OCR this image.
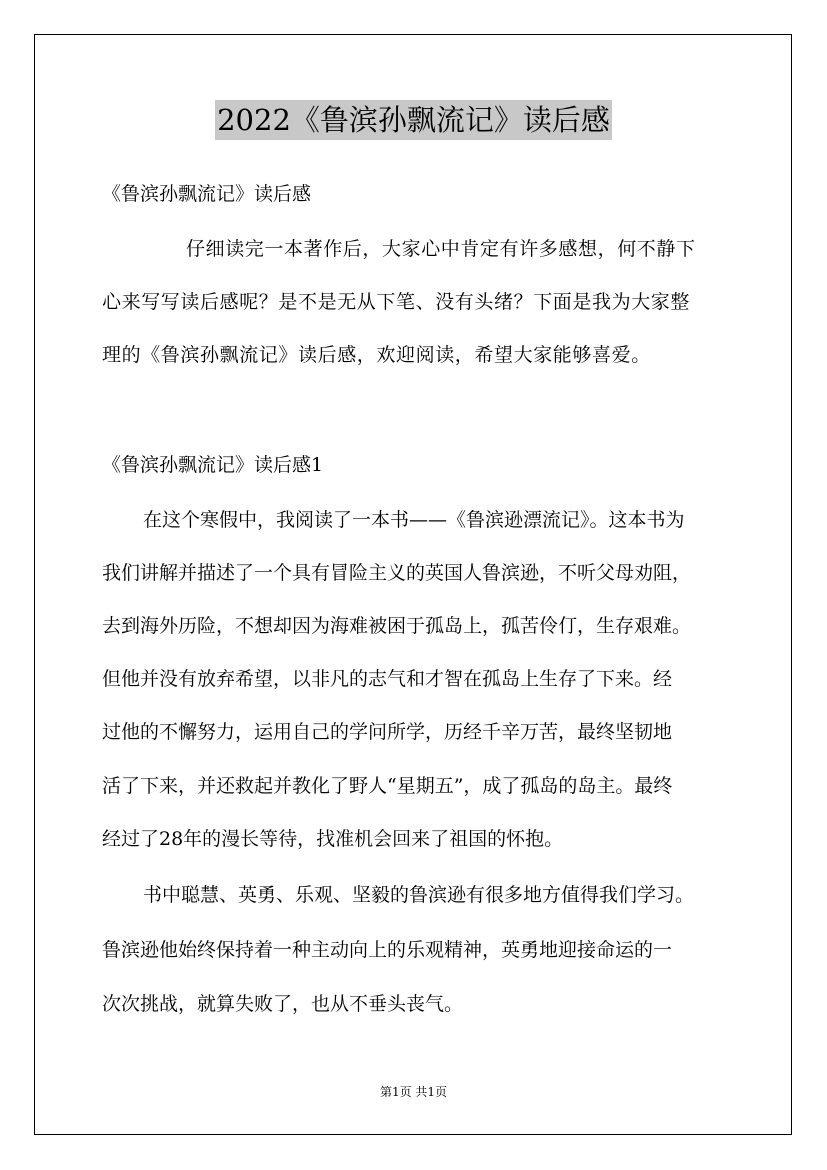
2022《鲁滨孙飘流记》读后感
《鲁滨孙飘流记》读后感
仔细读完一本著作后，大家心中肯定有许多感想，何不静下
心来写写读后感呢？是不是无从下笔、没有头绪？下面是我为大家整
理的《鲁滨孙飘流记》读后感，欢迎阅读，希望大家能够喜爱。
《鲁滨孙飘流记》读后感1
在这个寒假中，我阅读了一本书——《鲁滨逊漂流记》。这本书为
我们讲解并描述了一个具有冒险主义的英国人鲁滨逊，不听父母劝阻，
去到海外历险，不想却因为海难被困于孤岛上，孤苦伶仃，生存艰难。
但他并没有放弃希望，以非凡的志气和才智在孤岛上生存了下来。经
过他的不懈努力，运用自己的学问所学，历经千辛万苦，最终坚韧地
活了下来，并还救起并教化了野人“星期五”，成了孤岛的岛主。最终
经过了28年的漫长等待，找准机会回来了祖国的怀抱。
书中聪慧、英勇、乐观、坚毅的鲁滨逊有很多地方值得我们学习。
鲁滨逊他始终保持着一种主动向上的乐观精神，英勇地迎接命运的一
次次挑战，就算失败了，也从不垂头丧气。
第1页 共1页
